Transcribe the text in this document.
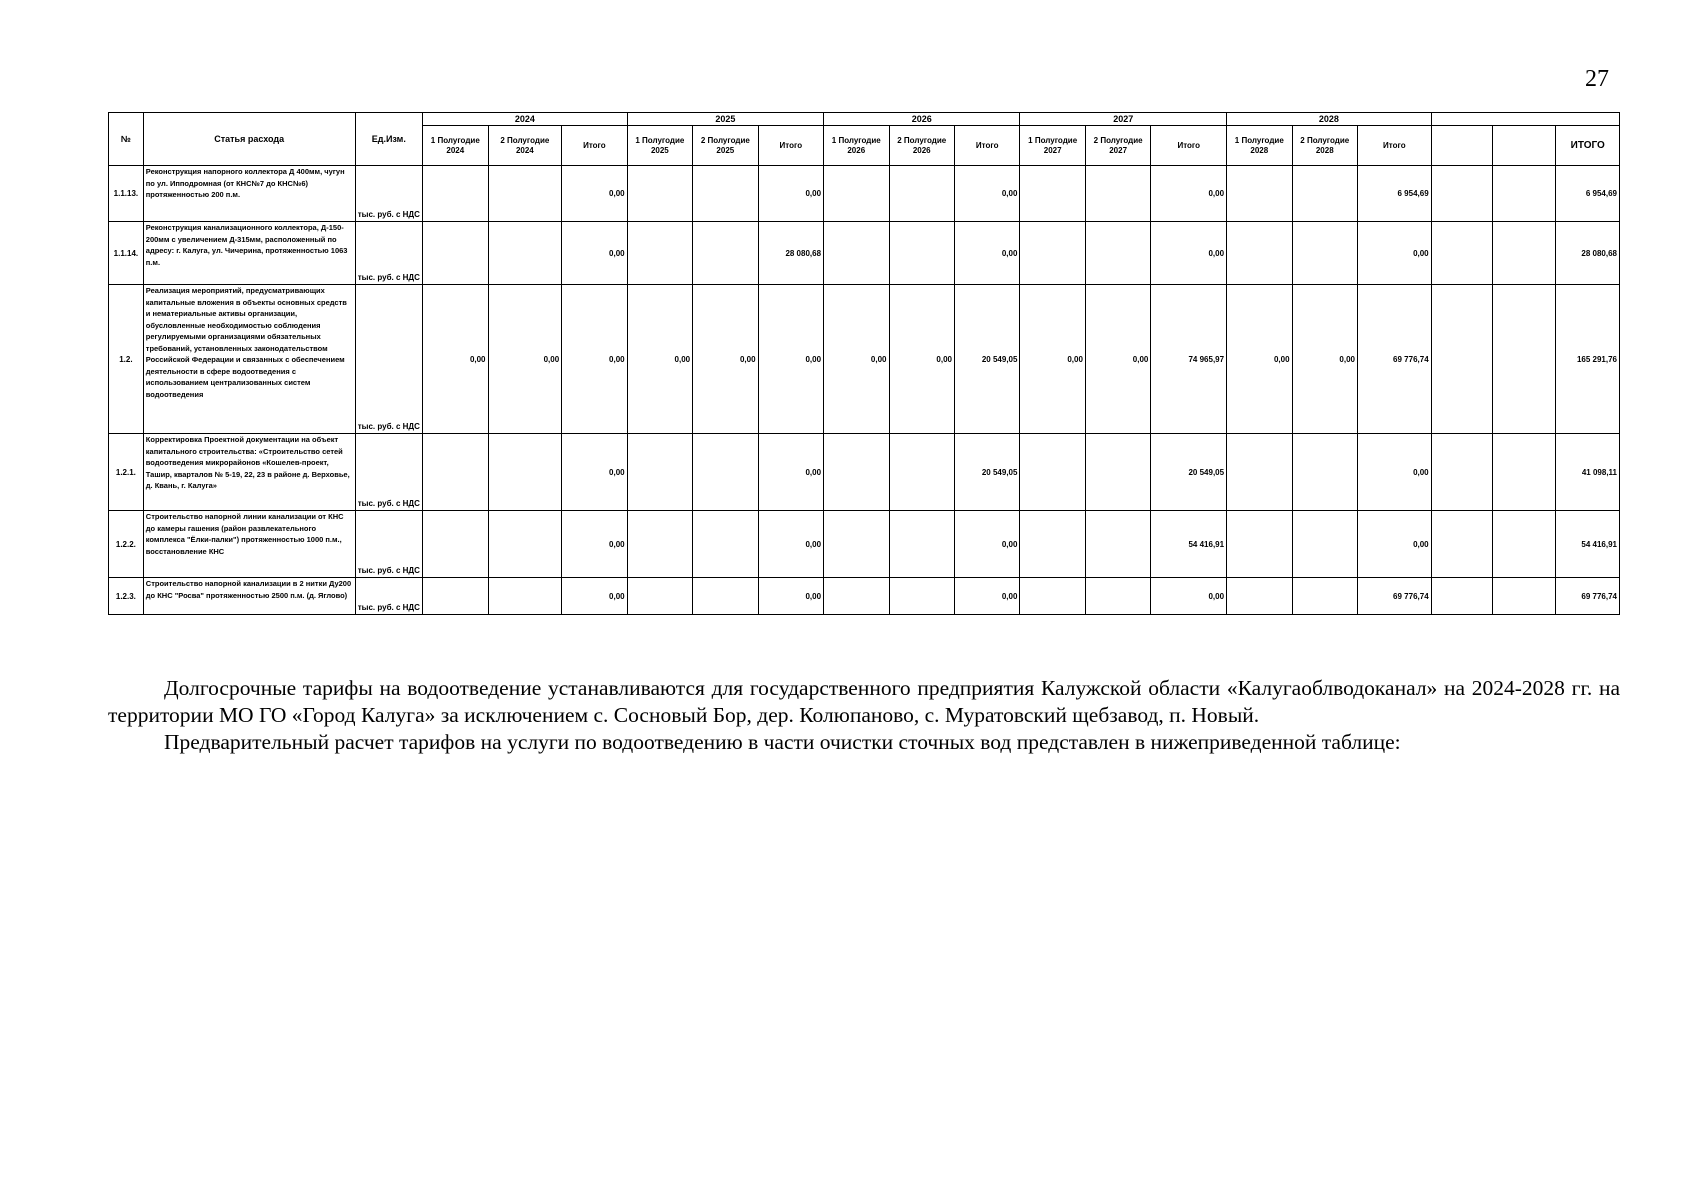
27
№	Статья расхода	Ед.Изм.	2024			2025			2026			2027			2028					
			1 Полугодие 2024	2 Полугодие 2024	Итого	1 Полугодие 2025	2 Полугодие 2025	Итого	1 Полугодие 2026	2 Полугодие 2026	Итого	1 Полугодие 2027	2 Полугодие 2027	Итого	1 Полугодие 2028	2 Полугодие 2028	Итого			ИТОГО
1.1.13.	Реконструкция напорного коллектора Д 400мм, чугун по ул. Ипподромная (от КНС№7 до КНС№6) протяженностью 200 п.м.	тыс. руб. с НДС			0,00			0,00			0,00			0,00			6 954,69			6 954,69
1.1.14.	Реконструкция канализационного коллектора, Д-150-200мм с увеличением Д-315мм, расположенный по адресу: г. Калуга, ул. Чичерина, протяженностью 1063 п.м.	тыс. руб. с НДС			0,00			28 080,68			0,00			0,00			0,00			28 080,68
1.2.	Реализация мероприятий, предусматривающих капитальные вложения в объекты основных средств и нематериальные активы организации, обусловленные необходимостью соблюдения регулируемыми организациями обязательных требований, установленных законодательством Российской Федерации и связанных с обеспечением деятельности в сфере водоотведения с использованием централизованных систем водоотведения	тыс. руб. с НДС	0,00	0,00	0,00	0,00	0,00	0,00	0,00	0,00	20 549,05	0,00	0,00	74 965,97	0,00	0,00	69 776,74			165 291,76
1.2.1.	Корректировка Проектной документации на объект капитального строительства: «Строительство сетей водоотведения микрорайонов «Кошелев-проект, Ташир, кварталов № 5-19, 22, 23 в районе д. Верховье, д. Квань, г. Калуга»	тыс. руб. с НДС			0,00			0,00			20 549,05			20 549,05			0,00			41 098,11
1.2.2.	Строительство напорной линии канализации от КНС до камеры гашения (район развлекательного комплекса "Ёлки-палки") протяженностью 1000 п.м., восстановление КНС	тыс. руб. с НДС			0,00			0,00			0,00			54 416,91			0,00			54 416,91
1.2.3.	Строительство напорной канализации в 2 нитки Ду200 до КНС "Росва" протяженностью 2500 п.м. (д. Яглово)	тыс. руб. с НДС			0,00			0,00			0,00			0,00			69 776,74			69 776,74

Долгосрочные тарифы на водоотведение устанавливаются для государственного предприятия Калужской области «Калугаоблводоканал» на 2024-2028 гг. на территории МО ГО «Город Калуга» за исключением с. Сосновый Бор, дер. Колюпаново, с. Муратовский щебзавод, п. Новый.

Предварительный расчет тарифов на услуги по водоотведению в части очистки сточных вод представлен в нижеприведенной таблице:
